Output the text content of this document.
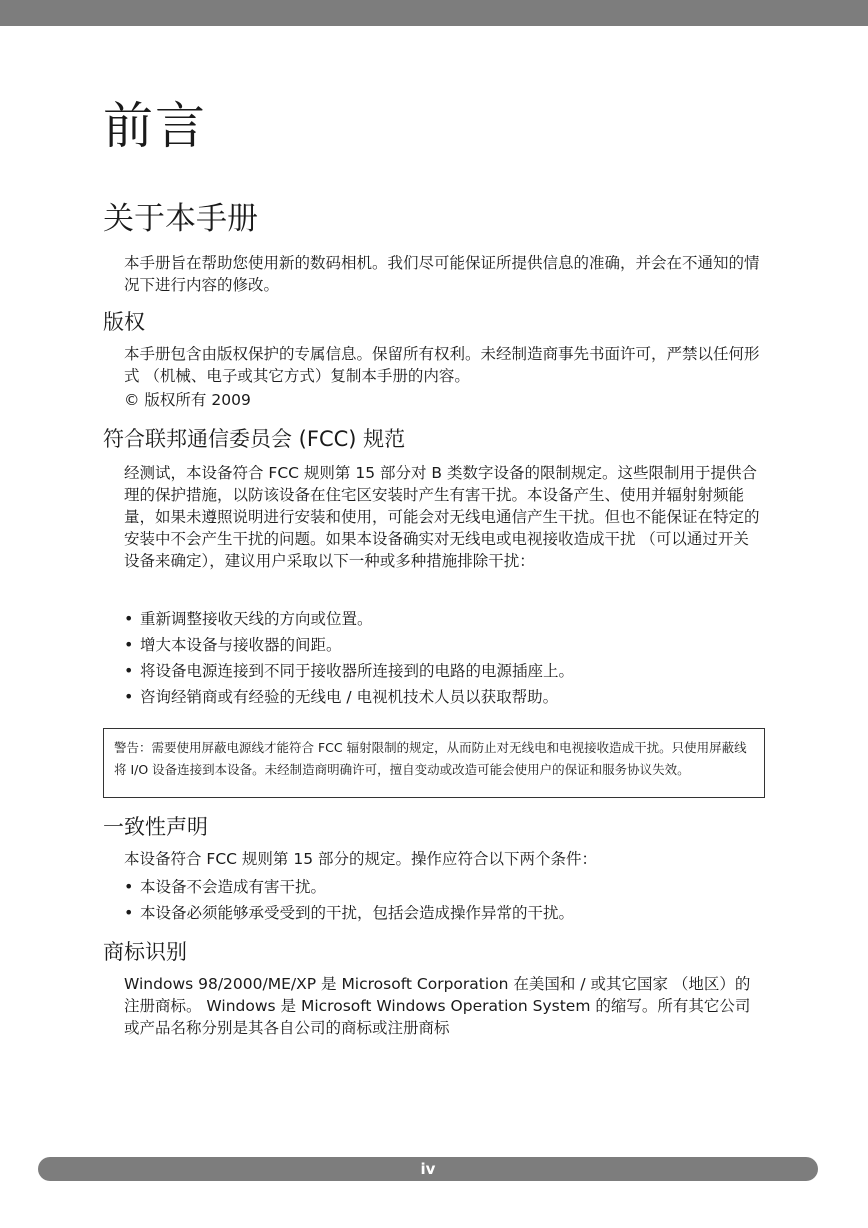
前言
关于本手册

本手册旨在帮助您使用新的数码相机。我们尽可能保证所提供信息的准确，并会在不通知的情况下进行内容的修改。

版权

本手册包含由版权保护的专属信息。保留所有权利。未经制造商事先书面许可，严禁以任何形式 （机械、电子或其它方式）复制本手册的内容。

© 版权所有 2009

符合联邦通信委员会 (FCC) 规范

经测试，本设备符合 FCC 规则第 15 部分对 B 类数字设备的限制规定。这些限制用于提供合理的保护措施，以防该设备在住宅区安装时产生有害干扰。本设备产生、使用并辐射射频能量，如果未遵照说明进行安装和使用，可能会对无线电通信产生干扰。但也不能保证在特定的安装中不会产生干扰的问题。如果本设备确实对无线电或电视接收造成干扰 （可以通过开关设备来确定），建议用户采取以下一种或多种措施排除干扰：

• 重新调整接收天线的方向或位置。
• 增大本设备与接收器的间距。
• 将设备电源连接到不同于接收器所连接到的电路的电源插座上。
• 咨询经销商或有经验的无线电 / 电视机技术人员以获取帮助。
警告：需要使用屏蔽电源线才能符合 FCC 辐射限制的规定，从而防止对无线电和电视接收造成干扰。只使用屏蔽线将 I/O 设备连接到本设备。未经制造商明确许可，擅自变动或改造可能会使用户的保证和服务协议失效。
一致性声明

本设备符合 FCC 规则第 15 部分的规定。操作应符合以下两个条件：

• 本设备不会造成有害干扰。
• 本设备必须能够承受受到的干扰，包括会造成操作异常的干扰。
商标识别

Windows 98/2000/ME/XP 是 Microsoft Corporation 在美国和 / 或其它国家 （地区）的注册商标。 Windows 是 Microsoft Windows Operation System 的缩写。所有其它公司或产品名称分别是其各自公司的商标或注册商标

iv
